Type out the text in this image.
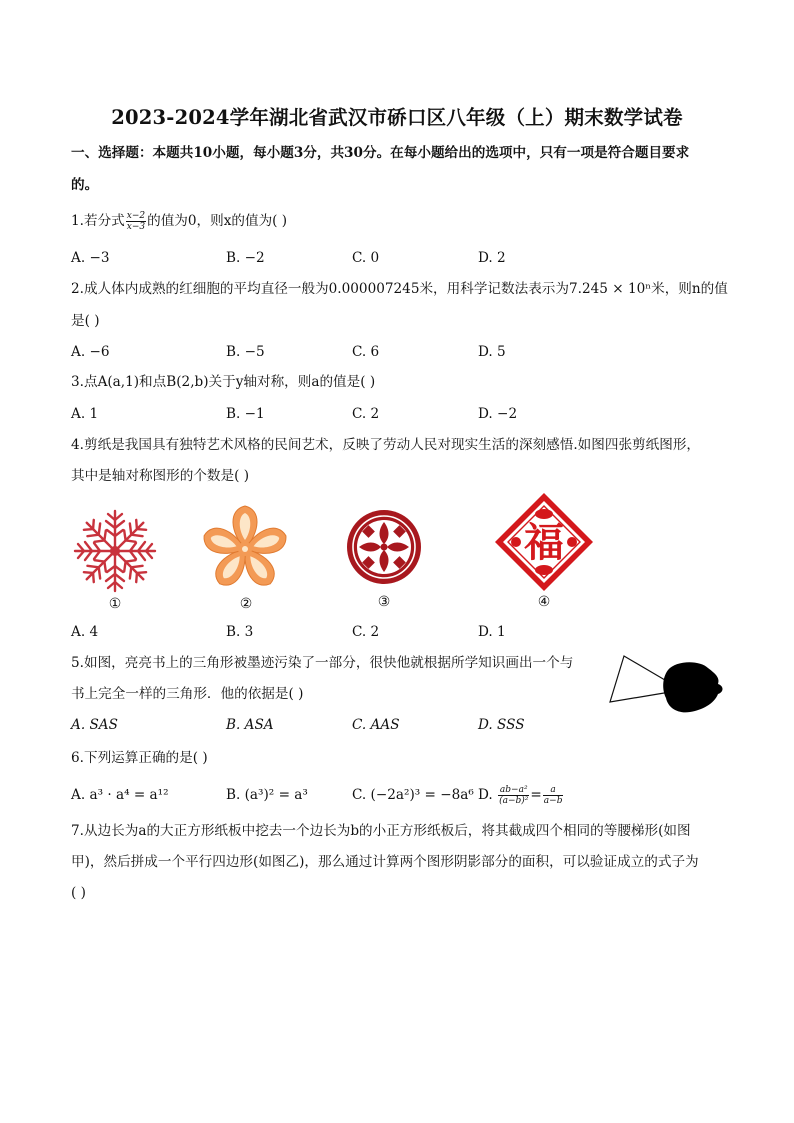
2023-2024学年湖北省武汉市硚口区八年级（上）期末数学试卷
一、选择题：本题共10小题，每小题3分，共30分。在每小题给出的选项中，只有一项是符合题目要求
的。
1.若分式 $\frac{x-2}{x-3}$ 的值为0，则x的值为( )
A. −3	B. −2	C. 0	D. 2
2.成人体内成熟的红细胞的平均直径一般为0.000007245米，用科学记数法表示为7.245 × 10ⁿ米，则n的值
是( )
A. −6	B. −5	C. 6	D. 5
3.点A(a,1)和点B(2,b)关于y轴对称，则a的值是( )
A. 1	B. −1	C. 2	D. −2
4.剪纸是我国具有独特艺术风格的民间艺术，反映了劳动人民对现实生活的深刻感悟.如图四张剪纸图形，
其中是轴对称图形的个数是( )
①	②	③
福
④
A. 4	B. 3	C. 2	D. 1
5.如图，亮亮书上的三角形被墨迹污染了一部分，很快他就根据所学知识画出一个与
书上完全一样的三角形．他的依据是( )
A. SAS	B. ASA	C. AAS	D. SSS
6.下列运算正确的是( )
A. a³ · a⁴ = a¹²	B. (a³)² = a³	C. (−2a²)³ = −8a⁶ D. $\frac{\text{ab−a²}}{\text{(a−b)²}} = \frac{a}{a-b}$
7.从边长为a的大正方形纸板中挖去一个边长为b的小正方形纸板后，将其截成四个相同的等腰梯形(如图
甲)，然后拼成一个平行四边形(如图乙)，那么通过计算两个图形阴影部分的面积，可以验证成立的式子为
( )
